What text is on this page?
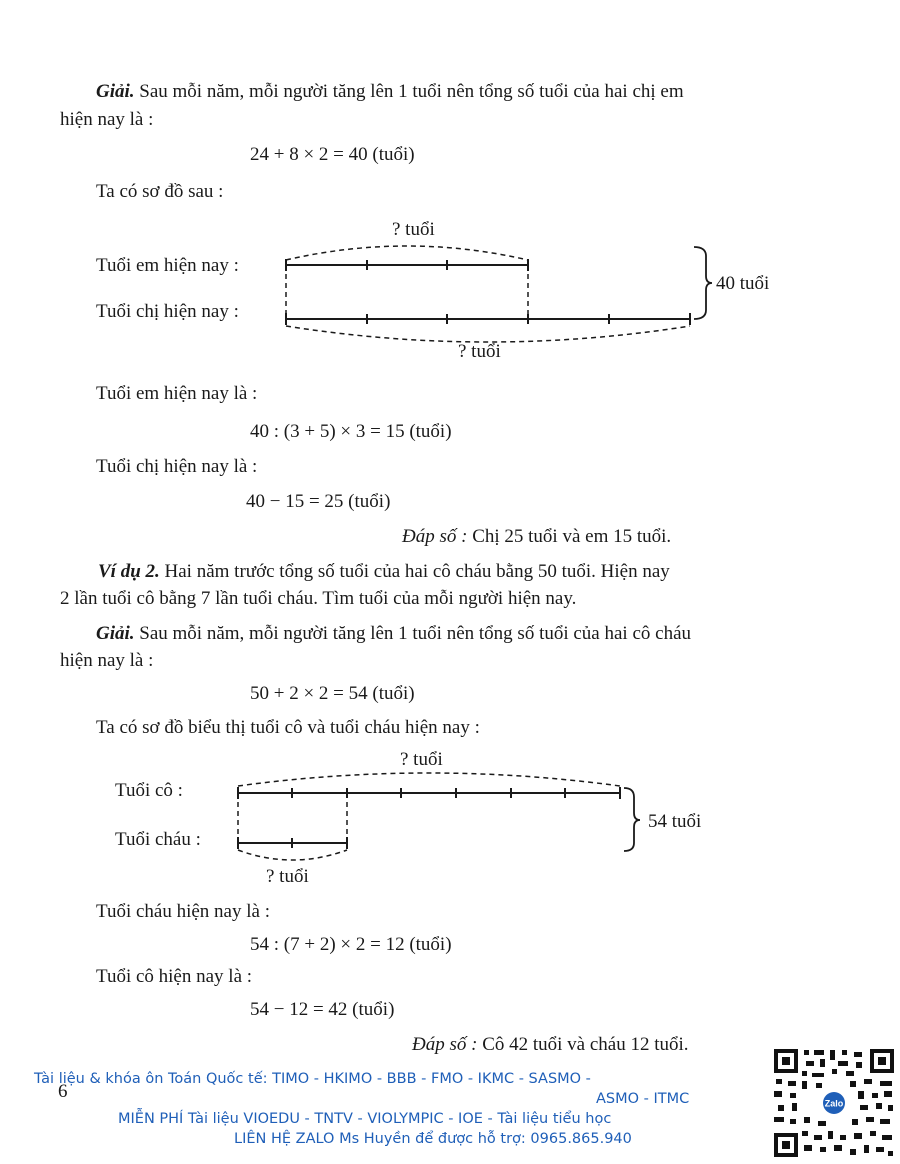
Giải. Sau mỗi năm, mỗi người tăng lên 1 tuổi nên tổng số tuổi của hai chị em
hiện nay là :
24 + 8 × 2 = 40 (tuổi)
Ta có sơ đồ sau :
? tuổi
Tuổi em hiện nay :
Tuổi chị hiện nay :
40 tuổi
? tuổi
Tuổi em hiện nay là :
40 : (3 + 5) × 3 = 15 (tuổi)
Tuổi chị hiện nay là :
40 − 15 = 25 (tuổi)
Đáp số : Chị 25 tuổi và em 15 tuổi.
Ví dụ 2. Hai năm trước tổng số tuổi của hai cô cháu bằng 50 tuổi. Hiện nay
2 lần tuổi cô bằng 7 lần tuổi cháu. Tìm tuổi của mỗi người hiện nay.
Giải. Sau mỗi năm, mỗi người tăng lên 1 tuổi nên tổng số tuổi của hai cô cháu
hiện nay là :
50 + 2 × 2 = 54 (tuổi)
Ta có sơ đồ biểu thị tuổi cô và tuổi cháu hiện nay :
? tuổi
Tuổi cô :
Tuổi cháu :
54 tuổi
? tuổi
Tuổi cháu hiện nay là :
54 : (7 + 2) × 2 = 12 (tuổi)
Tuổi cô hiện nay là :
54 − 12 = 42 (tuổi)
Đáp số : Cô 42 tuổi và cháu 12 tuổi.
6
Tài liệu & khóa ôn Toán Quốc tế: TIMO - HKIMO - BBB - FMO - IKMC - SASMO -
ASMO - ITMC
MIỄN PHÍ Tài liệu VIOEDU - TNTV - VIOLYMPIC - IOE - Tài liệu tiểu học
LIÊN HỆ ZALO Ms Huyền để được hỗ trợ: 0965.865.940
Zalo
